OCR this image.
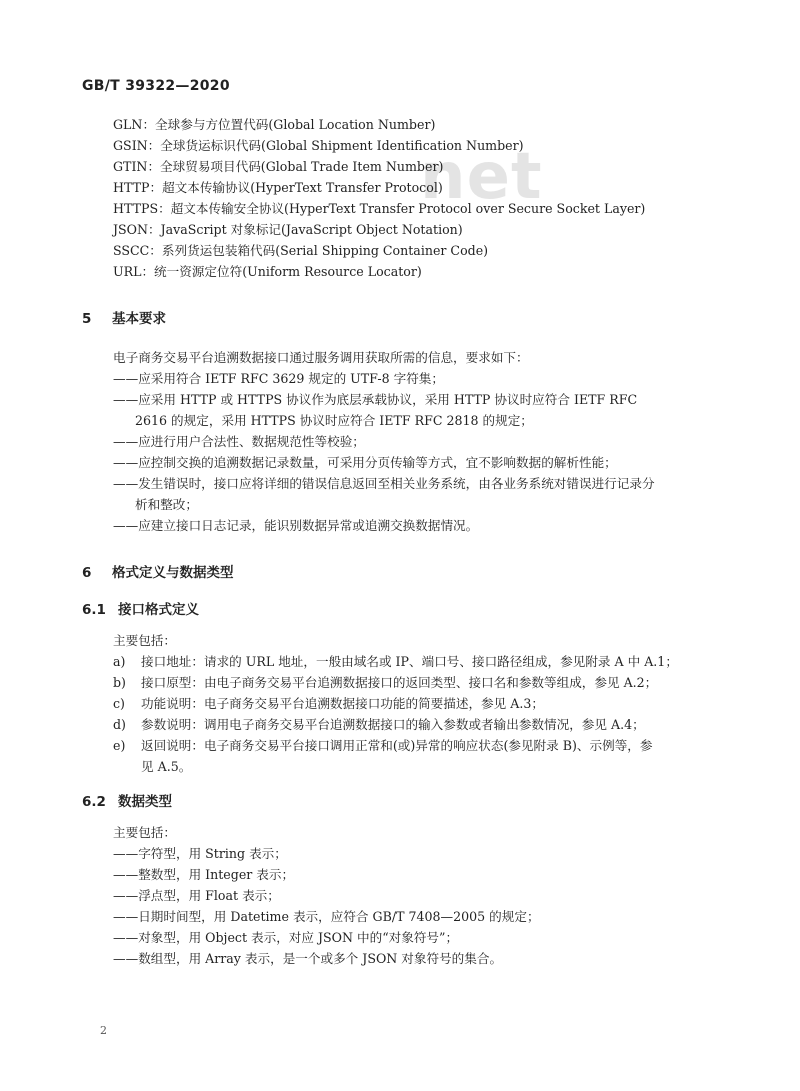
GB/T 39322—2020
net
GLN：全球参与方位置代码(Global Location Number)
GSIN：全球货运标识代码(Global Shipment Identification Number)
GTIN：全球贸易项目代码(Global Trade Item Number)
HTTP：超文本传输协议(HyperText Transfer Protocol)
HTTPS：超文本传输安全协议(HyperText Transfer Protocol over Secure Socket Layer)
JSON：JavaScript 对象标记(JavaScript Object Notation)
SSCC：系列货运包装箱代码(Serial Shipping Container Code)
URL：统一资源定位符(Uniform Resource Locator)
5 基本要求
电子商务交易平台追溯数据接口通过服务调用获取所需的信息，要求如下：
——应采用符合 IETF RFC 3629 规定的 UTF-8 字符集；
——应采用 HTTP 或 HTTPS 协议作为底层承载协议，采用 HTTP 协议时应符合 IETF RFC
2616 的规定，采用 HTTPS 协议时应符合 IETF RFC 2818 的规定；
——应进行用户合法性、数据规范性等校验；
——应控制交换的追溯数据记录数量，可采用分页传输等方式，宜不影响数据的解析性能；
——发生错误时，接口应将详细的错误信息返回至相关业务系统，由各业务系统对错误进行记录分
析和整改；
——应建立接口日志记录，能识别数据异常或追溯交换数据情况。
6 格式定义与数据类型
6.1 接口格式定义
主要包括：
a) 接口地址：请求的 URL 地址，一般由域名或 IP、端口号、接口路径组成，参见附录 A 中 A.1；
b) 接口原型：由电子商务交易平台追溯数据接口的返回类型、接口名和参数等组成，参见 A.2；
c) 功能说明：电子商务交易平台追溯数据接口功能的简要描述，参见 A.3；
d) 参数说明：调用电子商务交易平台追溯数据接口的输入参数或者输出参数情况，参见 A.4；
e) 返回说明：电子商务交易平台接口调用正常和(或)异常的响应状态(参见附录 B)、示例等，参
见 A.5。
6.2 数据类型
主要包括：
——字符型，用 String 表示；
——整数型，用 Integer 表示；
——浮点型，用 Float 表示；
——日期时间型，用 Datetime 表示，应符合 GB/T 7408—2005 的规定；
——对象型，用 Object 表示，对应 JSON 中的“对象符号”；
——数组型，用 Array 表示，是一个或多个 JSON 对象符号的集合。
2
